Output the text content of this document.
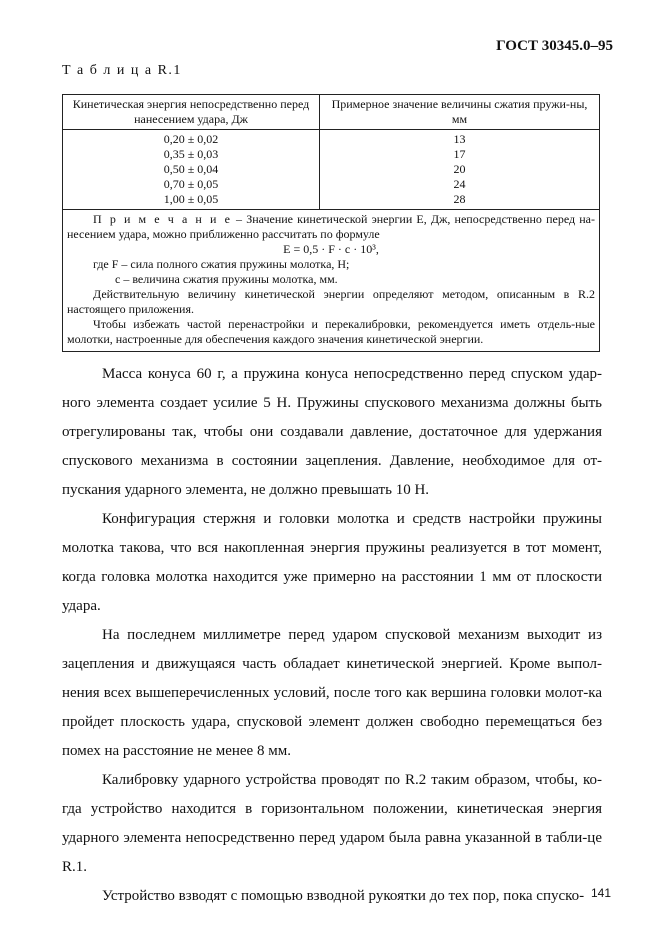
ГОСТ 30345.0–95
Т а б л и ц а R.1
Кинетическая энергия непосредственно перед нанесением удара, Дж
Примерное значение величины сжатия пружи-ны, мм
0,20 ± 0,02
0,35 ± 0,03
0,50 ± 0,04
0,70 ± 0,05
1,00 ± 0,05
13
17
20
24
28

П р и м е ч а н и е – Значение кинетической энергии E, Дж, непосредственно перед на-несением удара, можно приближенно рассчитать по формуле

E = 0,5 · F · c · 10³,

где F – сила полного сжатия пружины молотка, Н;

c – величина сжатия пружины молотка, мм.

Действительную величину кинетической энергии определяют методом, описанным в R.2 настоящего приложения.

Чтобы избежать частой перенастройки и перекалибровки, рекомендуется иметь отдель-ные молотки, настроенные для обеспечения каждого значения кинетической энергии.

Масса конуса 60 г, а пружина конуса непосредственно перед спуском удар-ного элемента создает усилие 5 Н. Пружины спускового механизма должны быть отрегулированы так, чтобы они создавали давление, достаточное для удержания спускового механизма в состоянии зацепления. Давление, необходимое для от-пускания ударного элемента, не должно превышать 10 Н.

Конфигурация стержня и головки молотка и средств настройки пружины молотка такова, что вся накопленная энергия пружины реализуется в тот момент, когда головка молотка находится уже примерно на расстоянии 1 мм от плоскости удара.

На последнем миллиметре перед ударом спусковой механизм выходит из зацепления и движущаяся часть обладает кинетической энергией. Кроме выпол-нения всех вышеперечисленных условий, после того как вершина головки молот-ка пройдет плоскость удара, спусковой элемент должен свободно перемещаться без помех на расстояние не менее 8 мм.

Калибровку ударного устройства проводят по R.2 таким образом, чтобы, ко-гда устройство находится в горизонтальном положении, кинетическая энергия ударного элемента непосредственно перед ударом была равна указанной в табли-це R.1.

Устройство взводят с помощью взводной рукоятки до тех пор, пока спуско- 141
